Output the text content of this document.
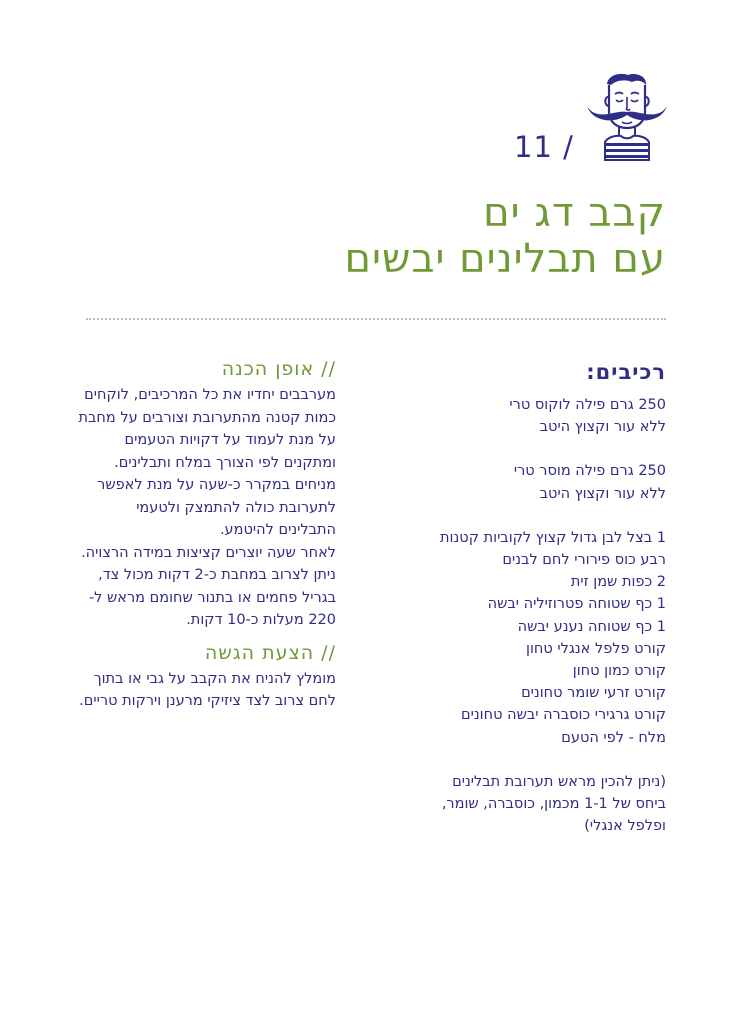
11 /
קבב דג ים
עם תבלינים יבשים
רכיבים:
250 גרם פילה לוקוס טרי
ללא עור וקצוץ היטב
250 גרם פילה מוסר טרי
ללא עור וקצוץ היטב
1 בצל לבן גדול קצוץ לקוביות קטנות
רבע כוס פירורי לחם לבנים
2 כפות שמן זית
1 כף שטוחה פטרוזיליה יבשה
1 כף שטוחה נענע יבשה
קורט פלפל אנגלי טחון
קורט כמון טחון
קורט זרעי שומר טחונים
קורט גרגירי כוסברה יבשה טחונים
מלח - לפי הטעם
(ניתן להכין מראש תערובת תבלינים
ביחס של 1-1 מכמון, כוסברה, שומר,
ופלפל אנגלי)
// אופן הכנה

מערבבים יחדיו את כל המרכיבים, לוקחים כמות קטנה מהתערובת וצורבים על מחבת על מנת לעמוד על דקויות הטעמים ומתקנים לפי הצורך במלח ותבלינים.

מניחים במקרר כ-שעה על מנת לאפשר לתערובת כולה להתמצק ולטעמי התבלינים להיטמע.

לאחר שעה יוצרים קציצות במידה הרצויה. ניתן לצרוב במחבת כ-2 דקות מכול צד, בגריל פחמים או בתנור שחומם מראש ל- 220 מעלות כ-10 דקות.

// הצעת הגשה

מומלץ להניח את הקבב על גבי או בתוך לחם צרוב לצד ציזיקי מרענן וירקות טריים.
